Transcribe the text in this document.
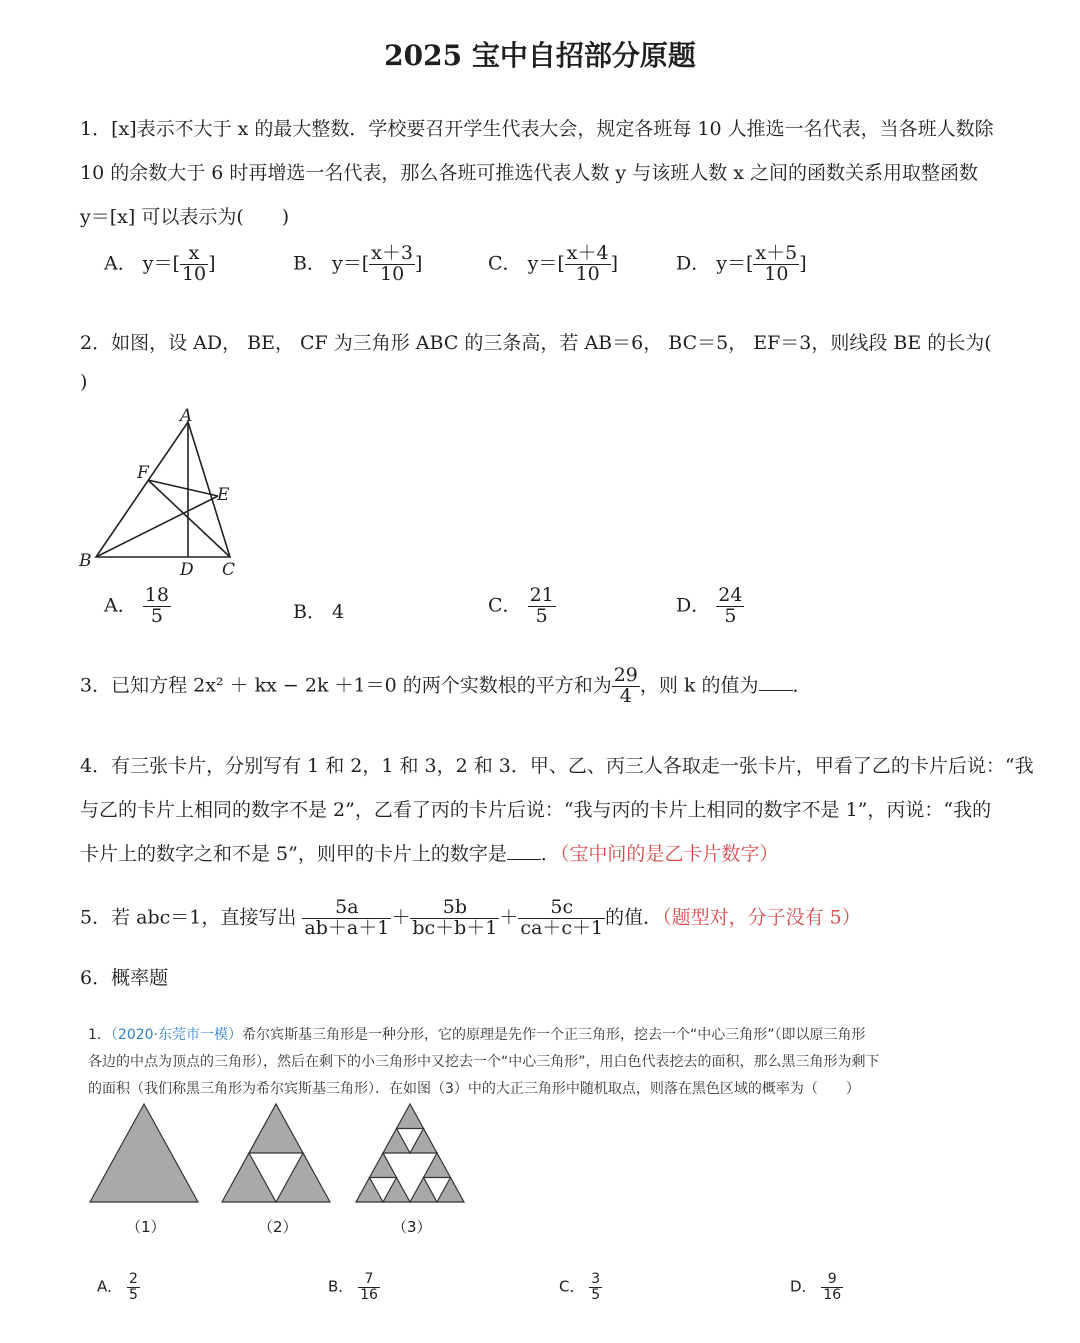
2025 宝中自招部分原题
1．[x]表示不大于 x 的最大整数．学校要召开学生代表大会，规定各班每 10 人推选一名代表，当各班人数除
10 的余数大于 6 时再增选一名代表，那么各班可推选代表人数 y 与该班人数 x 之间的函数关系用取整函数
y＝[x] 可以表示为(　　)
A． $y=[ \frac{x}{10}$ ]	B． $y=[ \frac{x+3}{10}$ ]	C． $y=[ \frac{x+4}{10}$ ]	D． $y=[ \frac{x+5}{10}$ ]
2．如图，设 AD， BE， CF 为三角形 ABC 的三条高，若 AB＝6， BC＝5， EF＝3，则线段 BE 的长为(
)
A
B	C
D
E
F
A． $\frac{18}{5}$	B． 4	C． $\frac{21}{5}$	D． $\frac{24}{5}$
3．已知方程 2x² ＋ kx − 2k ＋1＝0 的两个实数根的平方和为 $\frac{29}{4}$ ，则 k 的值为 ．
4．有三张卡片，分别写有 1 和 2，1 和 3，2 和 3．甲、乙、丙三人各取走一张卡片，甲看了乙的卡片后说：“我
与乙的卡片上相同的数字不是 2”，乙看了丙的卡片后说：“我与丙的卡片上相同的数字不是 1”，丙说：“我的
卡片上的数字之和不是 5”，则甲的卡片上的数字是 ．（宝中问的是乙卡片数字）
5．若 abc＝1，直接写出 $\frac{5a}{ab+a+1} + \frac{5b}{bc+b+1} + \frac{5c}{ca+c+1}$ 的值．（题型对，分子没有 5）
6．概率题
1．（2020·东莞市一模）希尔宾斯基三角形是一种分形，它的原理是先作一个正三角形，挖去一个“中心三角形”（即以原三角形
各边的中点为顶点的三角形），然后在剩下的小三角形中又挖去一个“中心三角形”，用白色代表挖去的面积，那么黑三角形为剩下
的面积（我们称黑三角形为希尔宾斯基三角形）．在如图（3）中的大正三角形中随机取点，则落在黑色区域的概率为（　　）
（1）	（2）	（3）
A． $\frac{2}{5}$	B． $\frac{7}{16}$	C． $\frac{3}{5}$	D． $\frac{9}{16}$
